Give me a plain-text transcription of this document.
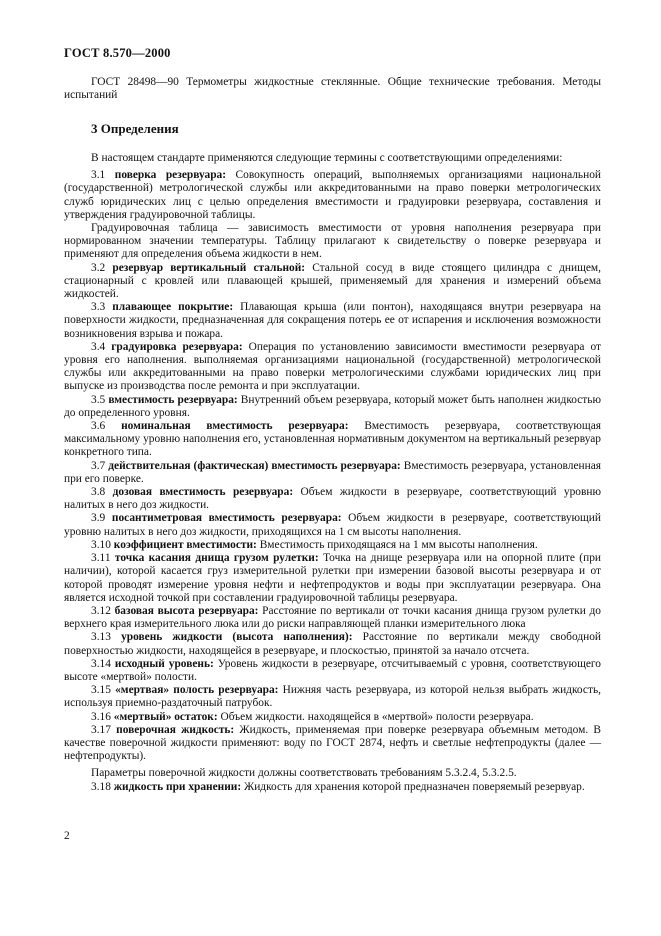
ГОСТ 8.570—2000
ГОСТ 28498—90 Термометры жидкостные стеклянные. Общие технические требования. Методы испытаний
3 Определения

В настоящем стандарте применяются следующие термины с соответствующими определениями:

3.1 поверка резервуара: Совокупность операций, выполняемых организациями национальной (государственной) метрологической службы или аккредитованными на право поверки метрологических служб юридических лиц с целью определения вместимости и градуировки резервуара, составления и утверждения градуировочной таблицы.

Градуировочная таблица — зависимость вместимости от уровня наполнения резервуара при нормированном значении температуры. Таблицу прилагают к свидетельству о поверке резервуара и применяют для определения объема жидкости в нем.

3.2 резервуар вертикальный стальной: Стальной сосуд в виде стоящего цилиндра с днищем, стационарный с кровлей или плавающей крышей, применяемый для хранения и измерений объема жидкостей.

3.3 плавающее покрытие: Плавающая крыша (или понтон), находящаяся внутри резервуара на поверхности жидкости, предназначенная для сокращения потерь ее от испарения и исключения возможности возникновения взрыва и пожара.

3.4 градуировка резервуара: Операция по установлению зависимости вместимости резервуара от уровня его наполнения. выполняемая организациями национальной (государственной) метрологической службы или аккредитованными на право поверки метрологическими службами юридических лиц при выпуске из производства после ремонта и при эксплуатации.

3.5 вместимость резервуара: Внутренний объем резервуара, который может быть наполнен жидкостью до определенного уровня.

3.6 номинальная вместимость резервуара: Вместимость резервуара, соответствующая максимальному уровню наполнения его, установленная нормативным документом на вертикальный резервуар конкретного типа.

3.7 действительная (фактическая) вместимость резервуара: Вместимость резервуара, установленная при его поверке.

3.8 дозовая вместимость резервуара: Объем жидкости в резервуаре, соответствующий уровню налитых в него доз жидкости.

3.9 посантиметровая вместимость резервуара: Объем жидкости в резервуаре, соответствующий уровню налитых в него доз жидкости, приходящихся на 1 см высоты наполнения.

3.10 коэффициент вместимости: Вместимость приходящаяся на 1 мм высоты наполнения.

3.11 точка касания днища грузом рулетки: Точка на днище резервуара или на опорной плите (при наличии), которой касается груз измерительной рулетки при измерении базовой высоты резервуара и от которой проводят измерение уровня нефти и нефтепродуктов и воды при эксплуатации резервуара. Она является исходной точкой при составлении градуировочной таблицы резервуара.

3.12 базовая высота резервуара: Расстояние по вертикали от точки касания днища грузом рулетки до верхнего края измерительного люка или до риски направляющей планки измерительного люка

3.13 уровень жидкости (высота наполнения): Расстояние по вертикали между свободной поверхностью жидкости, находящейся в резервуаре, и плоскостью, принятой за начало отсчета.

3.14 исходный уровень: Уровень жидкости в резервуаре, отсчитываемый с уровня, соответствующего высоте «мертвой» полости.

3.15 «мертвая» полость резервуара: Нижняя часть резервуара, из которой нельзя выбрать жидкость, используя приемно-раздаточный патрубок.

3.16 «мертвый» остаток: Объем жидкости. находящейся в «мертвой» полости резервуара.

3.17 поверочная жидкость: Жидкость, применяемая при поверке резервуара объемным методом. В качестве поверочной жидкости применяют: воду по ГОСТ 2874, нефть и светлые нефтепродукты (далее — нефтепродукты).

Параметры поверочной жидкости должны соответствовать требованиям 5.3.2.4, 5.3.2.5.

3.18 жидкость при хранении: Жидкость для хранения которой предназначен поверяемый резервуар.

2
